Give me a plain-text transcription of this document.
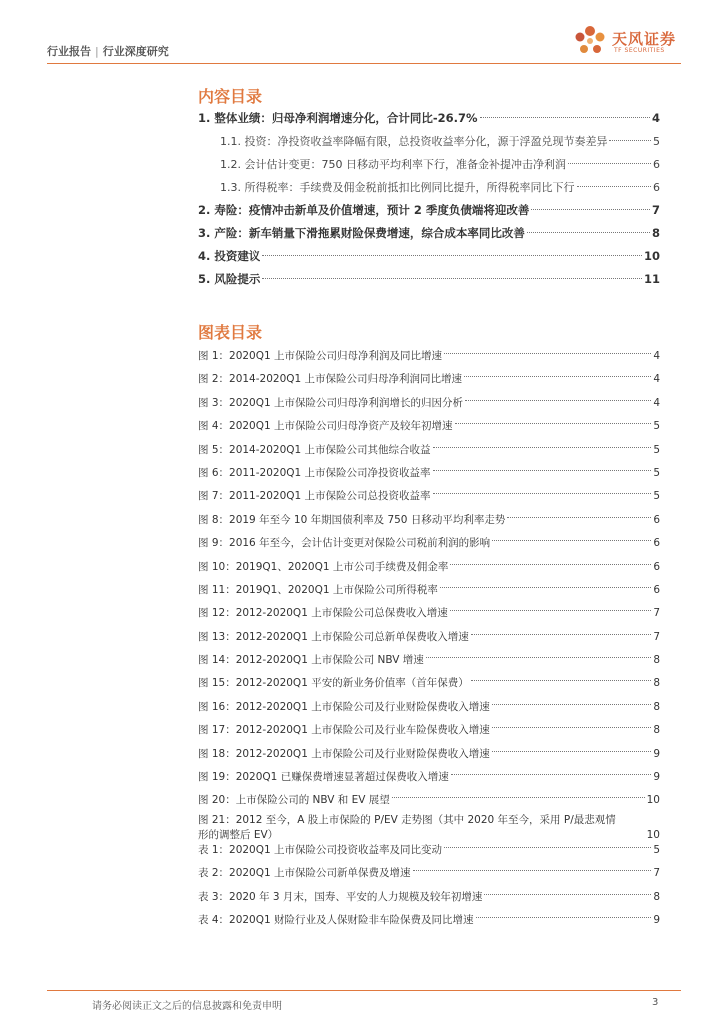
行业报告 | 行业深度研究
天风证券
TF SECURITIES
内容目录
1. 整体业绩：归母净利润增速分化，合计同比-26.7%	4
1.1. 投资：净投资收益率降幅有限，总投资收益率分化，源于浮盈兑现节奏差异	5
1.2. 会计估计变更：750 日移动平均利率下行，准备金补提冲击净利润	6
1.3. 所得税率：手续费及佣金税前抵扣比例同比提升，所得税率同比下行	6
2. 寿险：疫情冲击新单及价值增速，预计 2 季度负债端将迎改善	7
3. 产险：新车销量下滑拖累财险保费增速，综合成本率同比改善	8
4. 投资建议	10
5. 风险提示	11
图表目录
图 1：2020Q1 上市保险公司归母净利润及同比增速	4
图 2：2014-2020Q1 上市保险公司归母净利润同比增速	4
图 3：2020Q1 上市保险公司归母净利润增长的归因分析	4
图 4：2020Q1 上市保险公司归母净资产及较年初增速	5
图 5：2014-2020Q1 上市保险公司其他综合收益	5
图 6：2011-2020Q1 上市保险公司净投资收益率	5
图 7：2011-2020Q1 上市保险公司总投资收益率	5
图 8：2019 年至今 10 年期国债利率及 750 日移动平均利率走势	6
图 9：2016 年至今，会计估计变更对保险公司税前利润的影响	6
图 10：2019Q1、2020Q1 上市公司手续费及佣金率	6
图 11：2019Q1、2020Q1 上市保险公司所得税率	6
图 12：2012-2020Q1 上市保险公司总保费收入增速	7
图 13：2012-2020Q1 上市保险公司总新单保费收入增速	7
图 14：2012-2020Q1 上市保险公司 NBV 增速	8
图 15：2012-2020Q1 平安的新业务价值率（首年保费）	8
图 16：2012-2020Q1 上市保险公司及行业财险保费收入增速	8
图 17：2012-2020Q1 上市保险公司及行业车险保费收入增速	8
图 18：2012-2020Q1 上市保险公司及行业财险保费收入增速	9
图 19：2020Q1 已赚保费增速显著超过保费收入增速	9
图 20：上市保险公司的 NBV 和 EV 展望	10
图 21：2012 至今，A 股上市保险的 P/EV 走势图（其中 2020 年至今，采用 P/最悲观情
形的调整后 EV）	10
表 1：2020Q1 上市保险公司投资收益率及同比变动	5
表 2：2020Q1 上市保险公司新单保费及增速	7
表 3：2020 年 3 月末，国寿、平安的人力规模及较年初增速	8
表 4：2020Q1 财险行业及人保财险非车险保费及同比增速	9
请务必阅读正文之后的信息披露和免责申明	3
